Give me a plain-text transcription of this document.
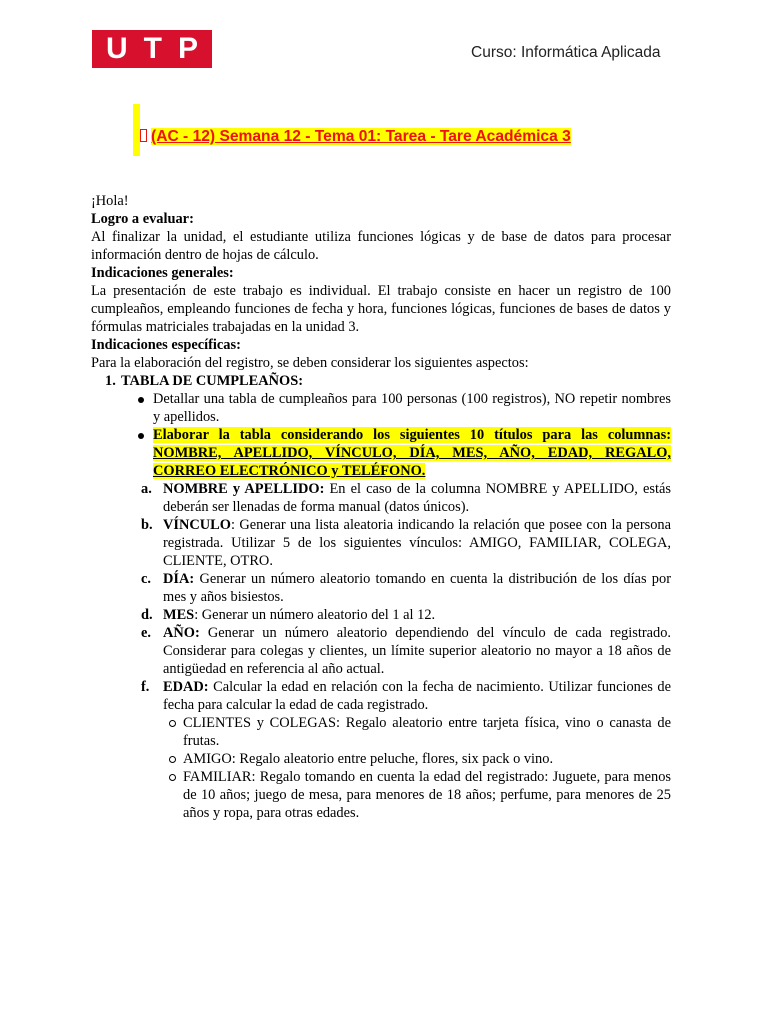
U T P	Curso: Informática Aplicada
(AC - 12) Semana 12 - Tema 01: Tarea - Tare Académica 3

¡Hola!

Logro a evaluar:

Al finalizar la unidad, el estudiante utiliza funciones lógicas y de base de datos para procesar información dentro de hojas de cálculo.

Indicaciones generales:

La presentación de este trabajo es individual. El trabajo consiste en hacer un registro de 100 cumpleaños, empleando funciones de fecha y hora, funciones lógicas, funciones de bases de datos y fórmulas matriciales trabajadas en la unidad 3.

Indicaciones específicas:

Para la elaboración del registro, se deben considerar los siguientes aspectos:

1. TABLA DE CUMPLEAÑOS:
Detallar una tabla de cumpleaños para 100 personas (100 registros), NO repetir nombres y apellidos.
Elaborar la tabla considerando los siguientes 10 títulos para las columnas: NOMBRE, APELLIDO, VÍNCULO, DÍA, MES, AÑO, EDAD, REGALO, CORREO ELECTRÓNICO y TELÉFONO.
a. NOMBRE y APELLIDO: En el caso de la columna NOMBRE y APELLIDO, estás deberán ser llenadas de forma manual (datos únicos).
b. VÍNCULO: Generar una lista aleatoria indicando la relación que posee con la persona registrada. Utilizar 5 de los siguientes vínculos: AMIGO, FAMILIAR, COLEGA, CLIENTE, OTRO.
c. DÍA: Generar un número aleatorio tomando en cuenta la distribución de los días por mes y años bisiestos.
d. MES: Generar un número aleatorio del 1 al 12.
e. AÑO: Generar un número aleatorio dependiendo del vínculo de cada registrado. Considerar para colegas y clientes, un límite superior aleatorio no mayor a 18 años de antigüedad en referencia al año actual.
f. EDAD: Calcular la edad en relación con la fecha de nacimiento. Utilizar funciones de fecha para calcular la edad de cada registrado.
CLIENTES y COLEGAS: Regalo aleatorio entre tarjeta física, vino o canasta de frutas.
AMIGO: Regalo aleatorio entre peluche, flores, six pack o vino.
FAMILIAR: Regalo tomando en cuenta la edad del registrado: Juguete, para menos de 10 años; juego de mesa, para menores de 18 años; perfume, para menores de 25 años y ropa, para otras edades.
